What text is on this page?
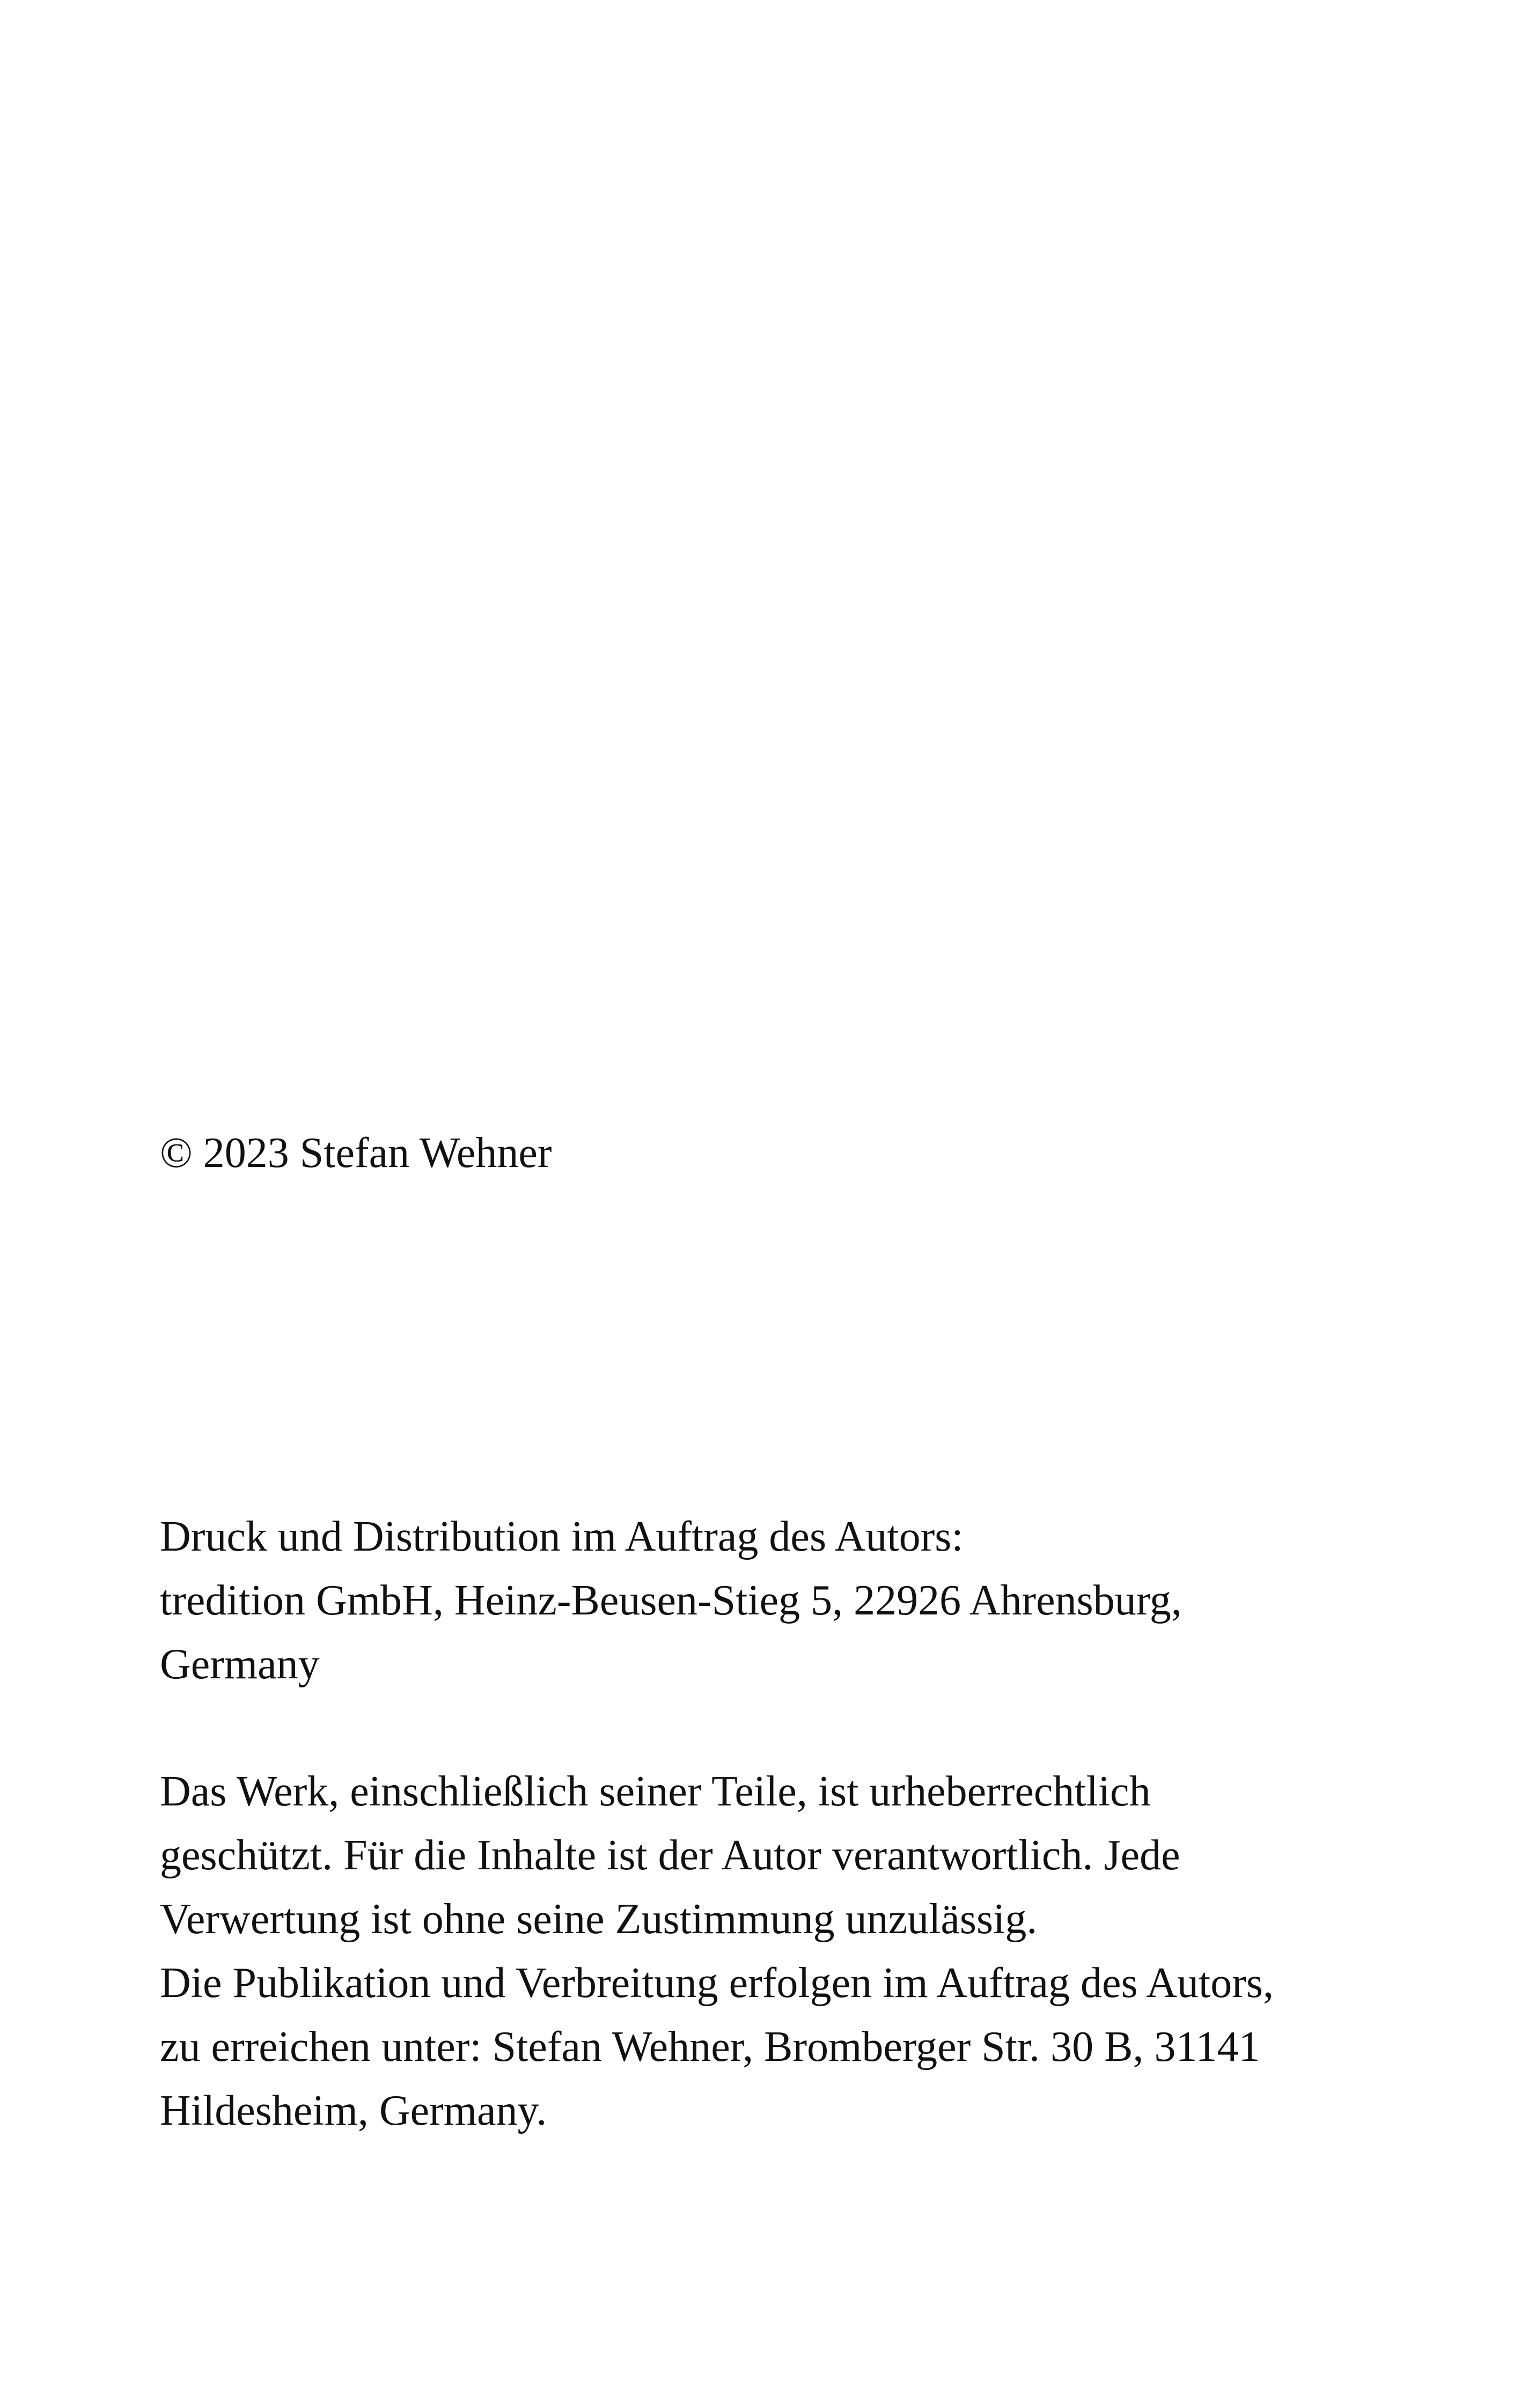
© 2023 Stefan Wehner
Druck und Distribution im Auftrag des Autors:
tredition GmbH, Heinz-Beusen-Stieg 5, 22926 Ahrensburg,
Germany
Das Werk, einschließlich seiner Teile, ist urheberrechtlich
geschützt. Für die Inhalte ist der Autor verantwortlich. Jede
Verwertung ist ohne seine Zustimmung unzulässig.
Die Publikation und Verbreitung erfolgen im Auftrag des Autors,
zu erreichen unter: Stefan Wehner, Bromberger Str. 30 B, 31141
Hildesheim, Germany.
